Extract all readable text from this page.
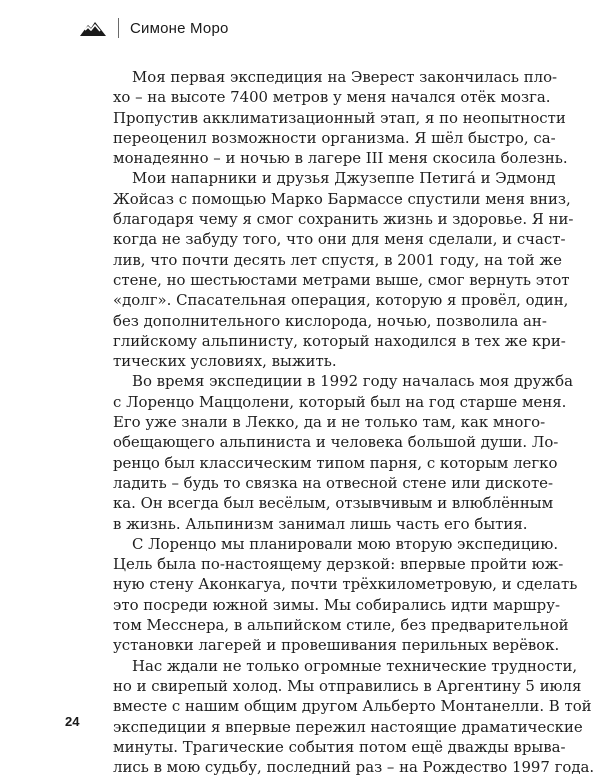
Симоне Моро
Моя первая экспедиция на Эверест закончилась пло-
хо – на высоте 7400 метров у меня начался отёк мозга.
Пропустив акклиматизационный этап, я по неопытности
переоценил возможности организма. Я шёл быстро, са-
монадеянно – и ночью в лагере III меня скосила болезнь.
Мои напарники и друзья Джузеппе Петига́ и Эдмонд
Жойсаз с помощью Марко Бармассе спустили меня вниз,
благодаря чему я смог сохранить жизнь и здоровье. Я ни-
когда не забуду того, что они для меня сделали, и счаст-
лив, что почти десять лет спустя, в 2001 году, на той же
стене, но шестьюстами метрами выше, смог вернуть этот
«долг». Спасательная операция, которую я провёл, один,
без дополнительного кислорода, ночью, позволила ан-
глийскому альпинисту, который находился в тех же кри-
тических условиях, выжить.
Во время экспедиции в 1992 году началась моя дружба
с Лоренцо Маццолени, который был на год старше меня.
Его уже знали в Лекко, да и не только там, как много-
обещающего альпиниста и человека большой души. Ло-
ренцо был классическим типом парня, с которым легко
ладить – будь то связка на отвесной стене или дискоте-
ка. Он всегда был весёлым, отзывчивым и влюблённым
в жизнь. Альпинизм занимал лишь часть его бытия.
С Лоренцо мы планировали мою вторую экспедицию.
Цель была по-настоящему дерзкой: впервые пройти юж-
ную стену Аконкагуа, почти трёхкилометровую, и сделать
это посреди южной зимы. Мы собирались идти маршру-
том Месснера, в альпийском стиле, без предварительной
установки лагерей и провешивания перильных верёвок.
Нас ждали не только огромные технические трудности,
но и свирепый холод. Мы отправились в Аргентину 5 июля
вместе с нашим общим другом Альберто Монтанелли. В той
экспедиции я впервые пережил настоящие драматические
минуты. Трагические события потом ещё дважды врыва-
лись в мою судьбу, последний раз – на Рождество 1997 года.
24
